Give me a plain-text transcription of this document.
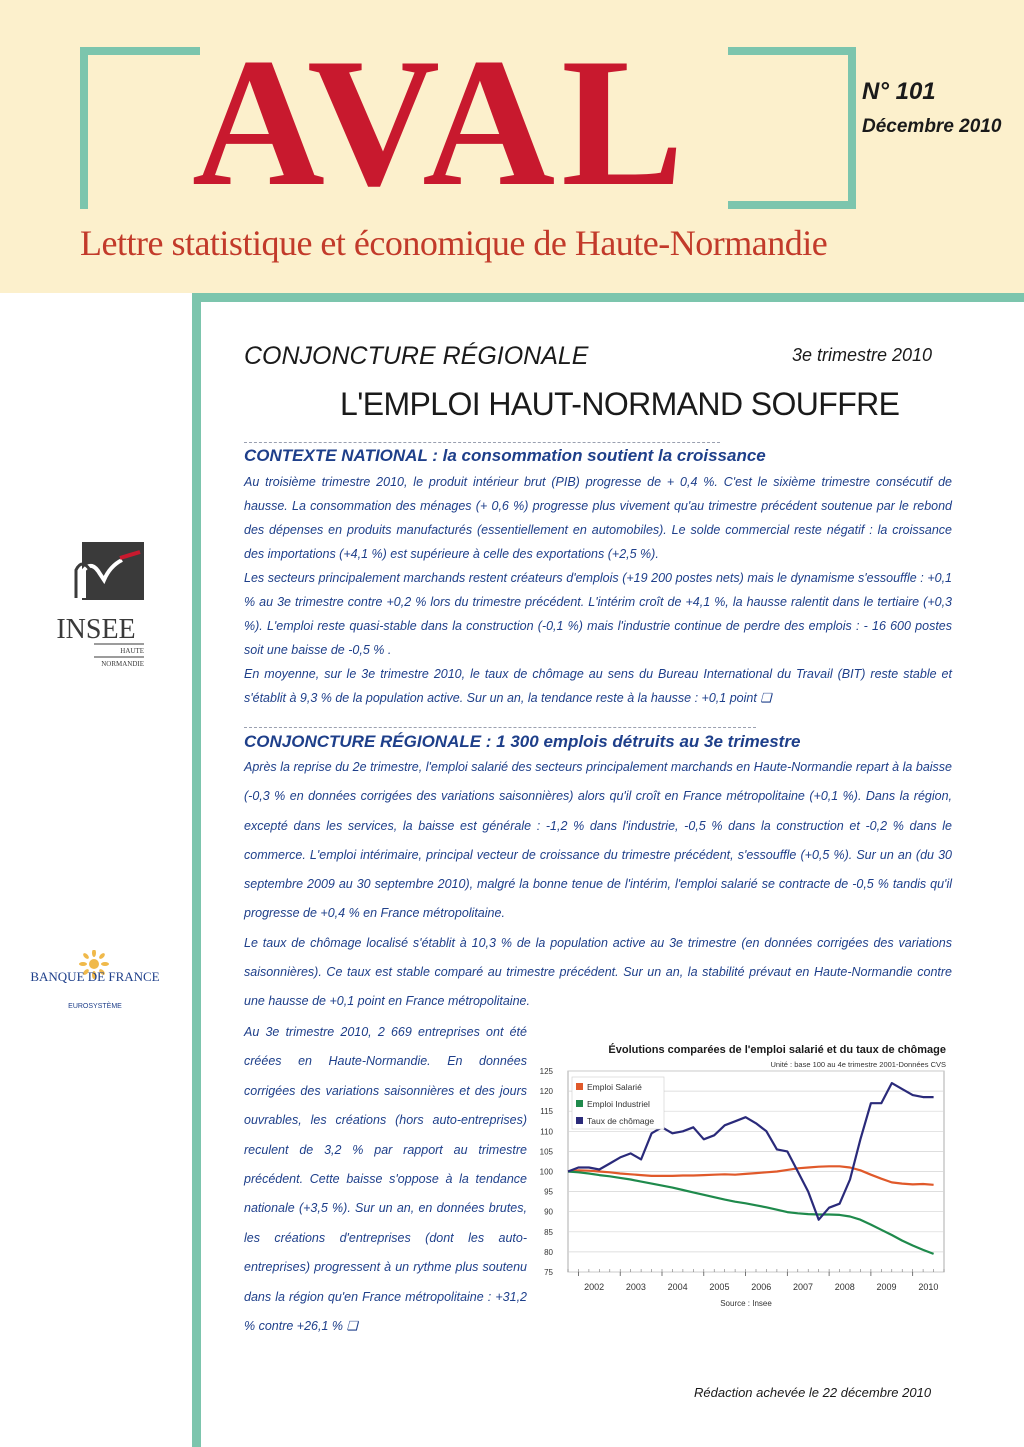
AVAL	N° 101
Décembre 2010
Lettre statistique et économique de Haute-Normandie
INSEE
HAUTE
NORMANDIE
BANQUE DE FRANCE
EUROSYSTÈME
CONJONCTURE RÉGIONALE	3e trimestre 2010
L'EMPLOI HAUT-NORMAND SOUFFRE
CONTEXTE NATIONAL : la consommation soutient la croissance

Au troisième trimestre 2010, le produit intérieur brut (PIB) progresse de + 0,4 %. C'est le sixième trimestre consécutif de hausse. La consommation des ménages (+ 0,6 %) progresse plus vivement qu'au trimestre précédent soutenue par le rebond des dépenses en produits manufacturés (essentiellement en automobiles). Le solde commercial reste négatif : la croissance des importations (+4,1 %) est supérieure à celle des exportations (+2,5 %).
Les secteurs principalement marchands restent créateurs d'emplois (+19 200 postes nets) mais le dynamisme s'essouffle : +0,1 % au 3e trimestre contre +0,2 % lors du trimestre précédent. L'intérim croît de +4,1 %, la hausse ralentit dans le tertiaire (+0,3 %). L'emploi reste quasi-stable dans la construction (-0,1 %) mais l'industrie continue de perdre des emplois : - 16 600 postes soit une baisse de -0,5 % .
En moyenne, sur le 3e trimestre 2010, le taux de chômage au sens du Bureau International du Travail (BIT) reste stable et s'établit à 9,3 % de la population active. Sur un an, la tendance reste à la hausse : +0,1 point ❏

CONJONCTURE RÉGIONALE : 1 300 emplois détruits au 3e trimestre

Après la reprise du 2e trimestre, l'emploi salarié des secteurs principalement marchands en Haute-Normandie repart à la baisse (-0,3 % en données corrigées des variations saisonnières) alors qu'il croît en France métropolitaine (+0,1 %). Dans la région, excepté dans les services, la baisse est générale : -1,2 % dans l'industrie, -0,5 % dans la construction et -0,2 % dans le commerce. L'emploi intérimaire, principal vecteur de croissance du trimestre précédent, s'essouffle (+0,5 %). Sur un an (du 30 septembre 2009 au 30 septembre 2010), malgré la bonne tenue de l'intérim, l'emploi salarié se contracte de -0,5 % tandis qu'il progresse de +0,4 % en France métropolitaine.
Le taux de chômage localisé s'établit à 10,3 % de la population active au 3e trimestre (en données corrigées des variations saisonnières). Ce taux est stable comparé au trimestre précédent. Sur un an, la stabilité prévaut en Haute-Normandie contre une hausse de +0,1 point en France métropolitaine.

Au 3e trimestre 2010, 2 669 entreprises ont été créées en Haute-Normandie. En données corrigées des variations saisonnières et des jours ouvrables, les créations (hors auto-entreprises) reculent de 3,2 % par rapport au trimestre précédent. Cette baisse s'oppose à la tendance nationale (+3,5 %). Sur un an, en données brutes, les créations d'entreprises (dont les auto-entreprises) progressent à un rythme plus soutenu dans la région qu'en France métropolitaine : +31,2 % contre +26,1 % ❏

Évolutions comparées de l'emploi salarié et du taux de chômage
Unité : base 100 au 4e trimestre 2001-Données CVS
75
80
85
90
95
100
105
110
115
120
125
2002 2003 2004 2005 2006 2007 2008 2009 2010
Emploi Salarié
Emploi Industriel
Taux de chômage
Source : Insee
Rédaction achevée le 22 décembre 2010
